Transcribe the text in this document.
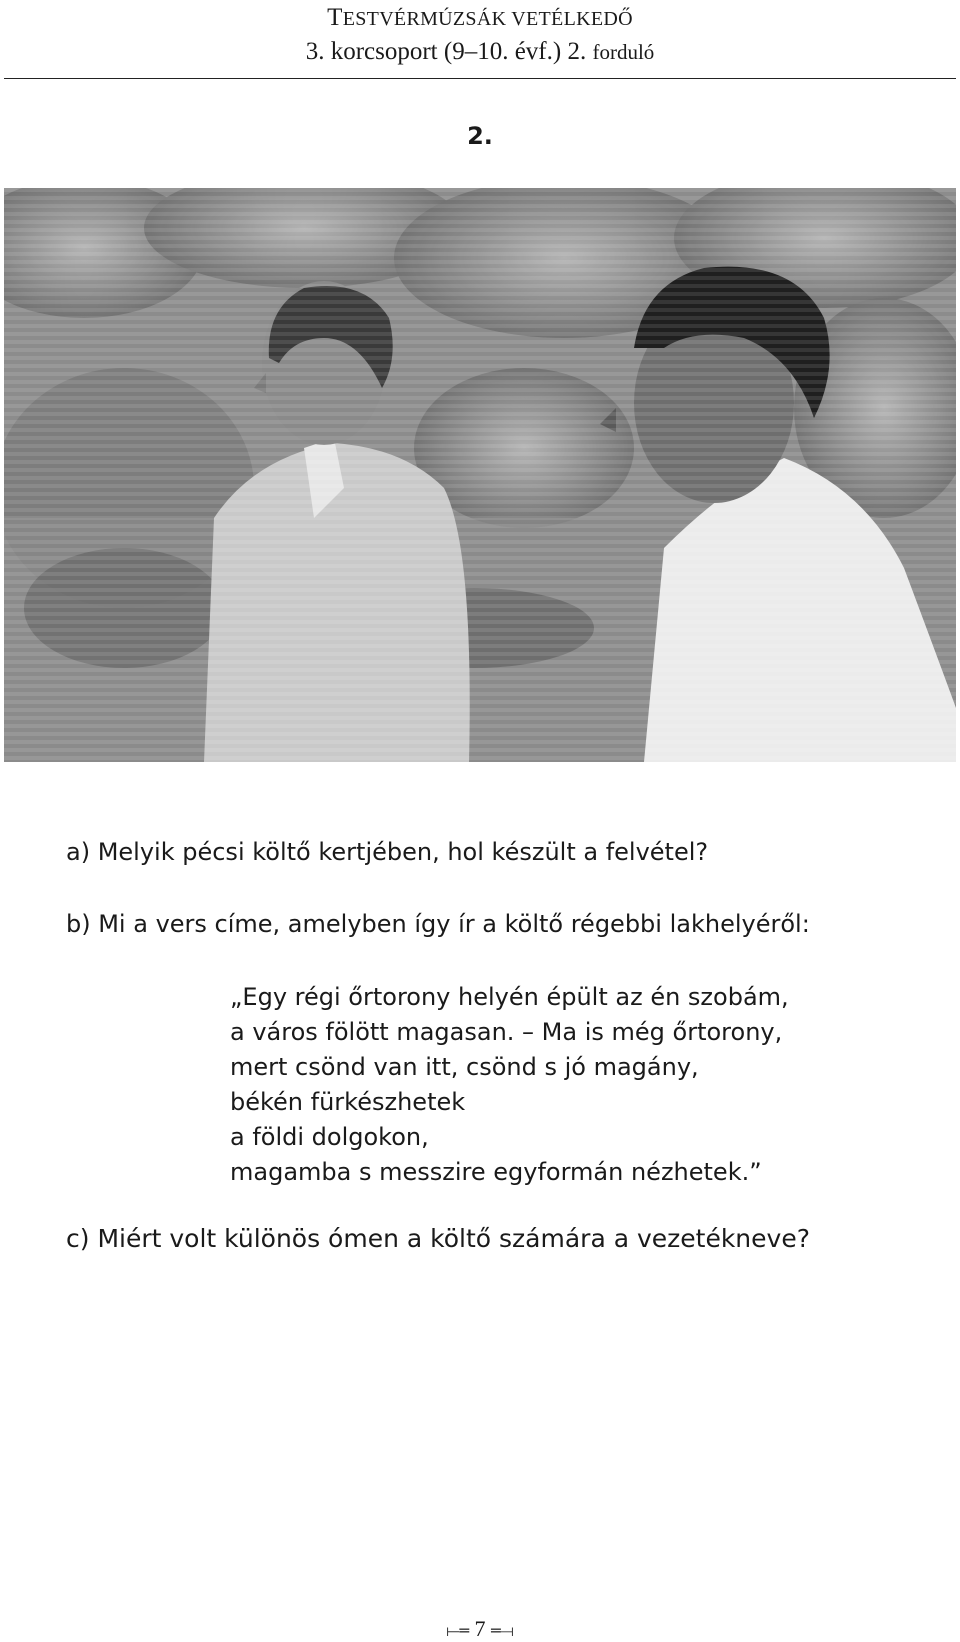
TESTVÉRMÚZSÁK VETÉLKEDŐ
3. korcsoport (9–10. évf.) 2. forduló
2.
a) Melyik pécsi költő kertjében, hol készült a felvétel?
b) Mi a vers címe, amelyben így ír a költő régebbi lakhelyéről:
„Egy régi őrtorony helyén épült az én szobám,
a város fölött magasan. – Ma is még őrtorony,
mert csönd van itt, csönd s jó magány,
békén fürkészhetek
a földi dolgokon,
magamba s messzire egyformán nézhetek.”
c) Miért volt különös ómen a költő számára a vezetékneve?
⟝═ 7 ═⟞
